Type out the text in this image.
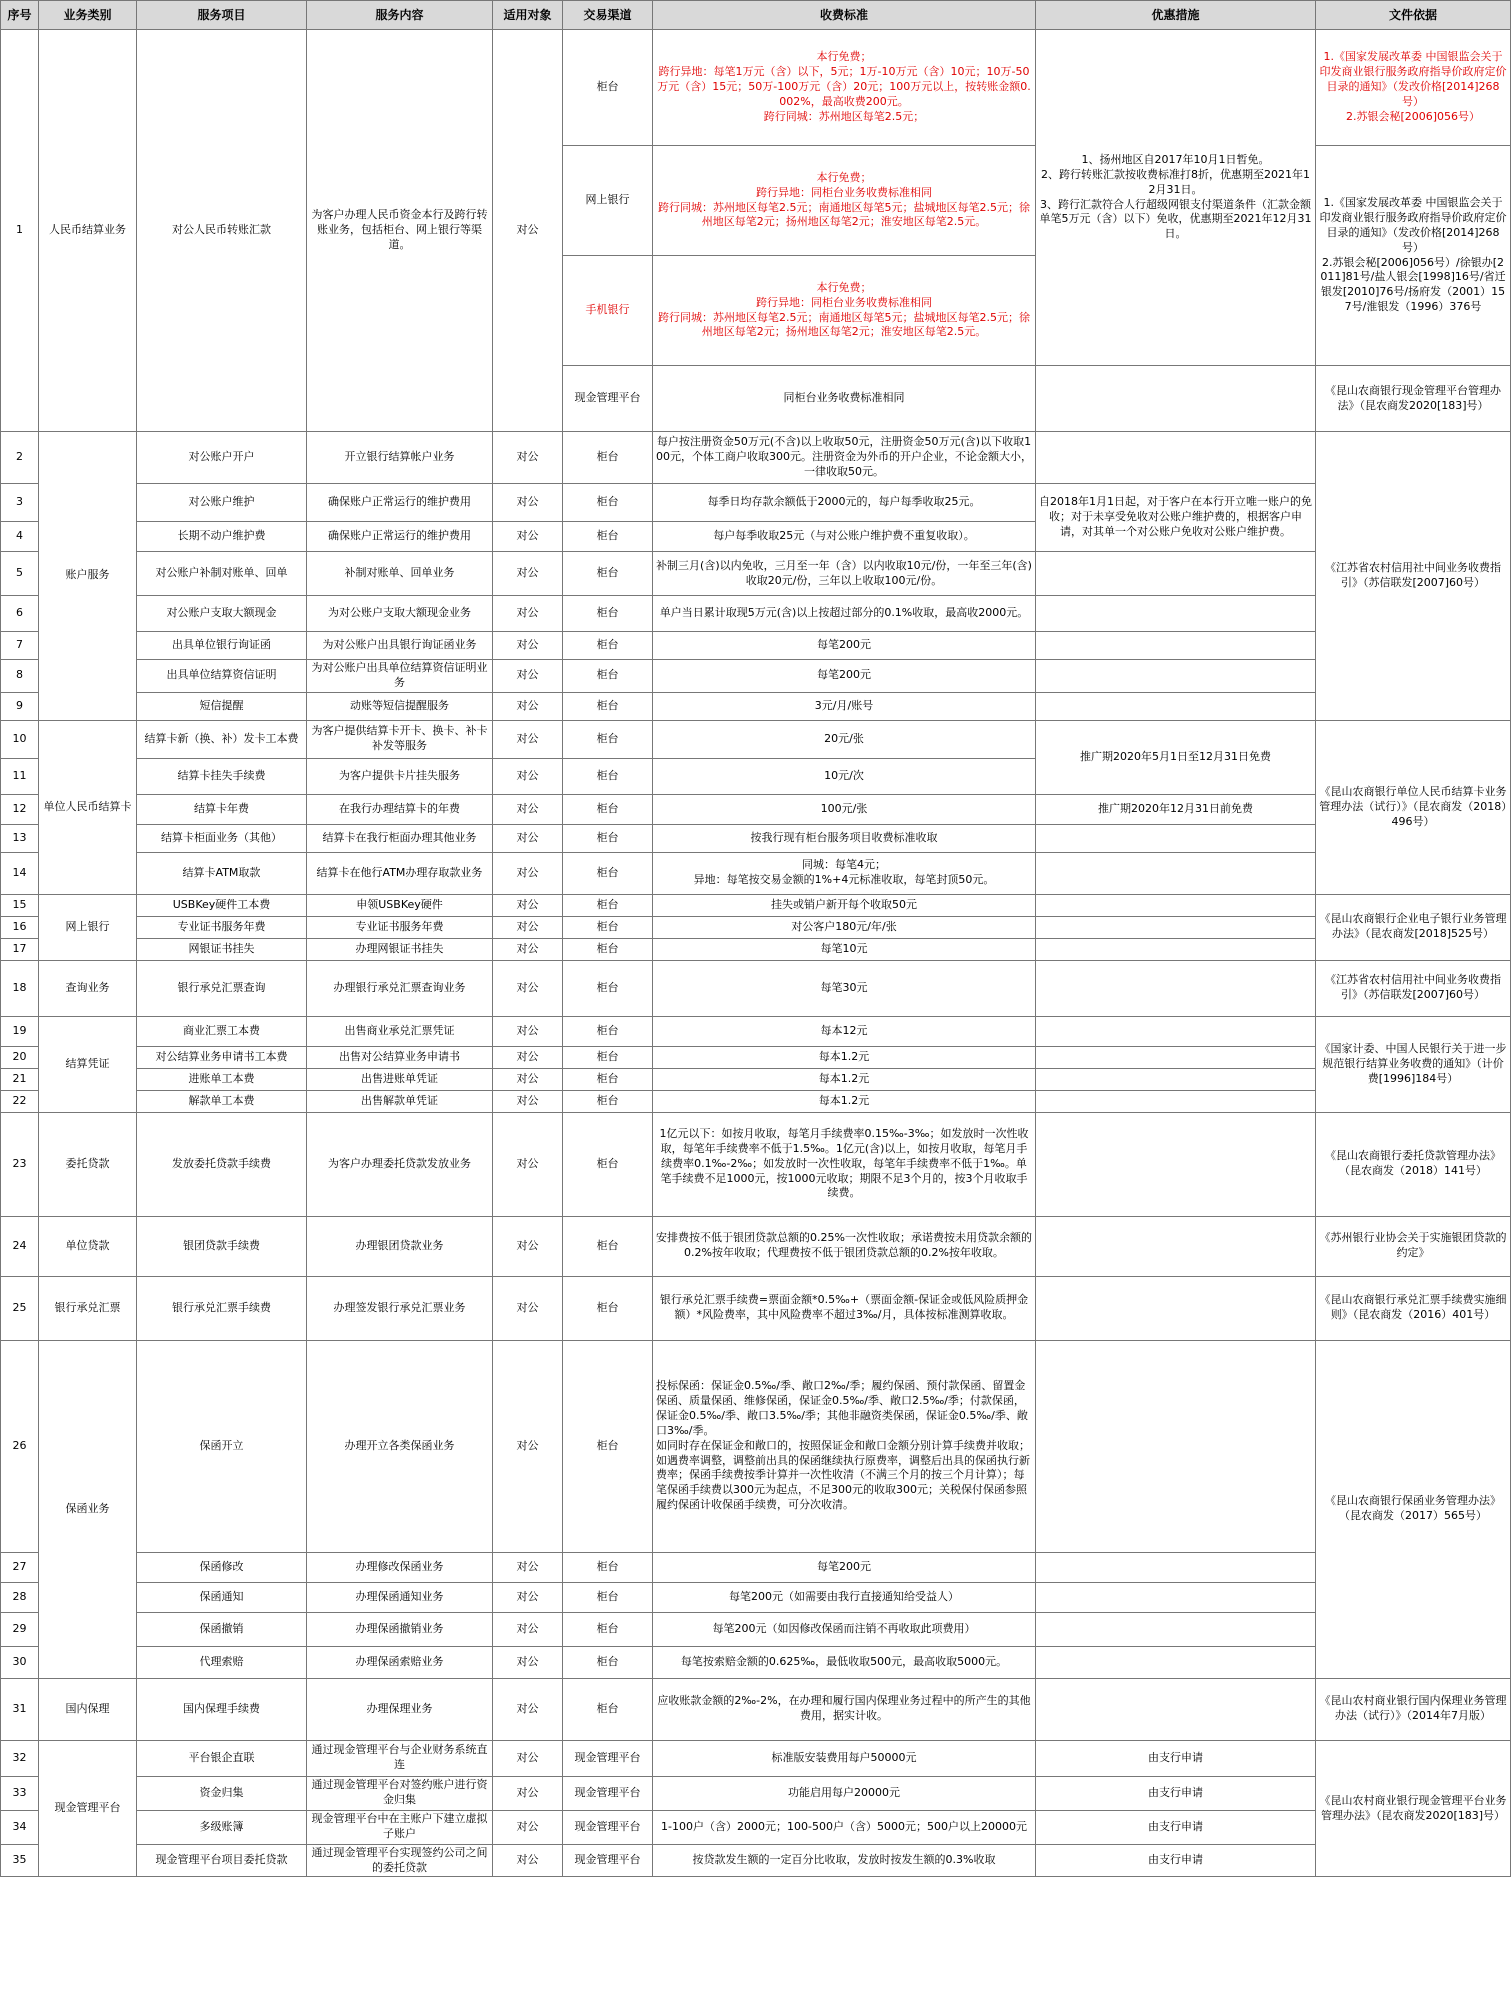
序号	业务类别	服务项目	服务内容	适用对象	交易渠道	收费标准	优惠措施	文件依据
1	人民币结算业务	对公人民币转账汇款	为客户办理人民币资金本行及跨行转账业务，包括柜台、网上银行等渠道。	对公	柜台	本行免费；
跨行异地：每笔1万元（含）以下，5元；1万-10万元（含）10元；10万-50万元（含）15元；50万-100万元（含）20元；100万元以上，按转账金额0.002%，最高收费200元。
跨行同城：苏州地区每笔2.5元；	1、扬州地区自2017年10月1日暂免。
2、跨行转账汇款按收费标准打8折，优惠期至2021年12月31日。
3、跨行汇款符合人行超级网银支付渠道条件（汇款金额单笔5万元（含）以下）免收，优惠期至2021年12月31日。	1.《国家发展改革委 中国银监会关于印发商业银行服务政府指导价政府定价目录的通知》（发改价格[2014]268号）
2.苏银会秘[2006]056号）
					网上银行	本行免费；
跨行异地：同柜台业务收费标准相同
跨行同城：苏州地区每笔2.5元；南通地区每笔5元；盐城地区每笔2.5元；徐州地区每笔2元；扬州地区每笔2元；淮安地区每笔2.5元。		1.《国家发展改革委 中国银监会关于印发商业银行服务政府指导价政府定价目录的通知》（发改价格[2014]268号）
2.苏银会秘[2006]056号）/徐银办[2011]81号/盐人银会[1998]16号/省迁银发[2010]76号/扬府发（2001）157号/淮银发（1996）376号
					手机银行	本行免费；
跨行异地：同柜台业务收费标准相同
跨行同城：苏州地区每笔2.5元；南通地区每笔5元；盐城地区每笔2.5元；徐州地区每笔2元；扬州地区每笔2元；淮安地区每笔2.5元。		
					现金管理平台	同柜台业务收费标准相同		《昆山农商银行现金管理平台管理办法》（昆农商发2020[183]号）
2	账户服务	对公账户开户	开立银行结算帐户业务	对公	柜台	每户按注册资金50万元(不含)以上收取50元，注册资金50万元(含)以下收取100元，个体工商户收取300元。注册资金为外币的开户企业，不论金额大小，一律收取50元。		《江苏省农村信用社中间业务收费指引》（苏信联发[2007]60号）
3		对公账户维护	确保账户正常运行的维护费用	对公	柜台	每季日均存款余额低于2000元的，每户每季收取25元。	自2018年1月1日起，对于客户在本行开立唯一账户的免收；对于未享受免收对公账户维护费的，根据客户申请，对其单一个对公账户免收对公账户维护费。	
4		长期不动户维护费	确保账户正常运行的维护费用	对公	柜台	每户每季收取25元（与对公账户维护费不重复收取）。		
5		对公账户补制对账单、回单	补制对账单、回单业务	对公	柜台	补制三月(含)以内免收，三月至一年（含）以内收取10元/份，一年至三年(含)收取20元/份，三年以上收取100元/份。		
6		对公账户支取大额现金	为对公账户支取大额现金业务	对公	柜台	单户当日累计取现5万元(含)以上按超过部分的0.1%收取，最高收2000元。		
7		出具单位银行询证函	为对公账户出具银行询证函业务	对公	柜台	每笔200元		
8		出具单位结算资信证明	为对公账户出具单位结算资信证明业务	对公	柜台	每笔200元		
9		短信提醒	动账等短信提醒服务	对公	柜台	3元/月/账号		
10	单位人民币结算卡	结算卡新（换、补）发卡工本费	为客户提供结算卡开卡、换卡、补卡补发等服务	对公	柜台	20元/张	推广期2020年5月1日至12月31日免费	《昆山农商银行单位人民币结算卡业务管理办法（试行）》（昆农商发（2018）496号）
11		结算卡挂失手续费	为客户提供卡片挂失服务	对公	柜台	10元/次		
12		结算卡年费	在我行办理结算卡的年费	对公	柜台	100元/张	推广期2020年12月31日前免费	
13		结算卡柜面业务（其他）	结算卡在我行柜面办理其他业务	对公	柜台	按我行现有柜台服务项目收费标准收取		
14		结算卡ATM取款	结算卡在他行ATM办理存取款业务	对公	柜台	同城：每笔4元；
异地：每笔按交易金额的1%+4元标准收取，每笔封顶50元。		
15	网上银行	USBKey硬件工本费	申领USBKey硬件	对公	柜台	挂失或销户新开每个收取50元		《昆山农商银行企业电子银行业务管理办法》（昆农商发[2018]525号）
16		专业证书服务年费	专业证书服务年费	对公	柜台	对公客户180元/年/张		
17		网银证书挂失	办理网银证书挂失	对公	柜台	每笔10元		
18	查询业务	银行承兑汇票查询	办理银行承兑汇票查询业务	对公	柜台	每笔30元		《江苏省农村信用社中间业务收费指引》（苏信联发[2007]60号）
19	结算凭证	商业汇票工本费	出售商业承兑汇票凭证	对公	柜台	每本12元		《国家计委、中国人民银行关于进一步规范银行结算业务收费的通知》（计价费[1996]184号）
20		对公结算业务申请书工本费	出售对公结算业务申请书	对公	柜台	每本1.2元		
21		进账单工本费	出售进账单凭证	对公	柜台	每本1.2元		
22		解款单工本费	出售解款单凭证	对公	柜台	每本1.2元		
23	委托贷款	发放委托贷款手续费	为客户办理委托贷款发放业务	对公	柜台	1亿元以下：如按月收取，每笔月手续费率0.15‰-3‰；如发放时一次性收取，每笔年手续费率不低于1.5‰。1亿元(含)以上，如按月收取，每笔月手续费率0.1‰-2‰；如发放时一次性收取，每笔年手续费率不低于1‰。单笔手续费不足1000元，按1000元收取；期限不足3个月的，按3个月收取手续费。		《昆山农商银行委托贷款管理办法》（昆农商发（2018）141号）
24	单位贷款	银团贷款手续费	办理银团贷款业务	对公	柜台	安排费按不低于银团贷款总额的0.25%一次性收取；承诺费按未用贷款余额的0.2%按年收取；代理费按不低于银团贷款总额的0.2%按年收取。		《苏州银行业协会关于实施银团贷款的约定》
25	银行承兑汇票	银行承兑汇票手续费	办理签发银行承兑汇票业务	对公	柜台	银行承兑汇票手续费=票面金额*0.5‰+（票面金额-保证金或低风险质押金额）*风险费率，其中风险费率不超过3‰/月，具体按标准测算收取。		《昆山农商银行承兑汇票手续费实施细则》（昆农商发（2016）401号）
26	保函业务	保函开立	办理开立各类保函业务	对公	柜台	投标保函：保证金0.5‰/季、敞口2‰/季；履约保函、预付款保函、留置金保函、质量保函、维修保函，保证金0.5‰/季、敞口2.5‰/季；付款保函，保证金0.5‰/季、敞口3.5‰/季；其他非融资类保函，保证金0.5‰/季、敞口3‰/季。
如同时存在保证金和敞口的，按照保证金和敞口金额分别计算手续费并收取；如遇费率调整，调整前出具的保函继续执行原费率，调整后出具的保函执行新费率；保函手续费按季计算并一次性收清（不满三个月的按三个月计算）；每笔保函手续费以300元为起点，不足300元的收取300元；关税保付保函参照履约保函计收保函手续费，可分次收清。		《昆山农商银行保函业务管理办法》（昆农商发（2017）565号）
27		保函修改	办理修改保函业务	对公	柜台	每笔200元		
28		保函通知	办理保函通知业务	对公	柜台	每笔200元（如需要由我行直接通知给受益人）		
29		保函撤销	办理保函撤销业务	对公	柜台	每笔200元（如因修改保函而注销不再收取此项费用）		
30		代理索赔	办理保函索赔业务	对公	柜台	每笔按索赔金额的0.625‰，最低收取500元，最高收取5000元。		
31	国内保理	国内保理手续费	办理保理业务	对公	柜台	应收账款金额的2‰-2%，在办理和履行国内保理业务过程中的所产生的其他费用，据实计收。		《昆山农村商业银行国内保理业务管理办法（试行）》（2014年7月版）
32	现金管理平台	平台银企直联	通过现金管理平台与企业财务系统直连	对公	现金管理平台	标准版安装费用每户50000元	由支行申请	《昆山农村商业银行现金管理平台业务管理办法》（昆农商发2020[183]号）
33		资金归集	通过现金管理平台对签约账户进行资金归集	对公	现金管理平台	功能启用每户20000元	由支行申请	
34		多级账簿	现金管理平台中在主账户下建立虚拟子账户	对公	现金管理平台	1-100户（含）2000元；100-500户（含）5000元；500户以上20000元	由支行申请	
35		现金管理平台项目委托贷款	通过现金管理平台实现签约公司之间的委托贷款	对公	现金管理平台	按贷款发生额的一定百分比收取，发放时按发生额的0.3%收取	由支行申请	
